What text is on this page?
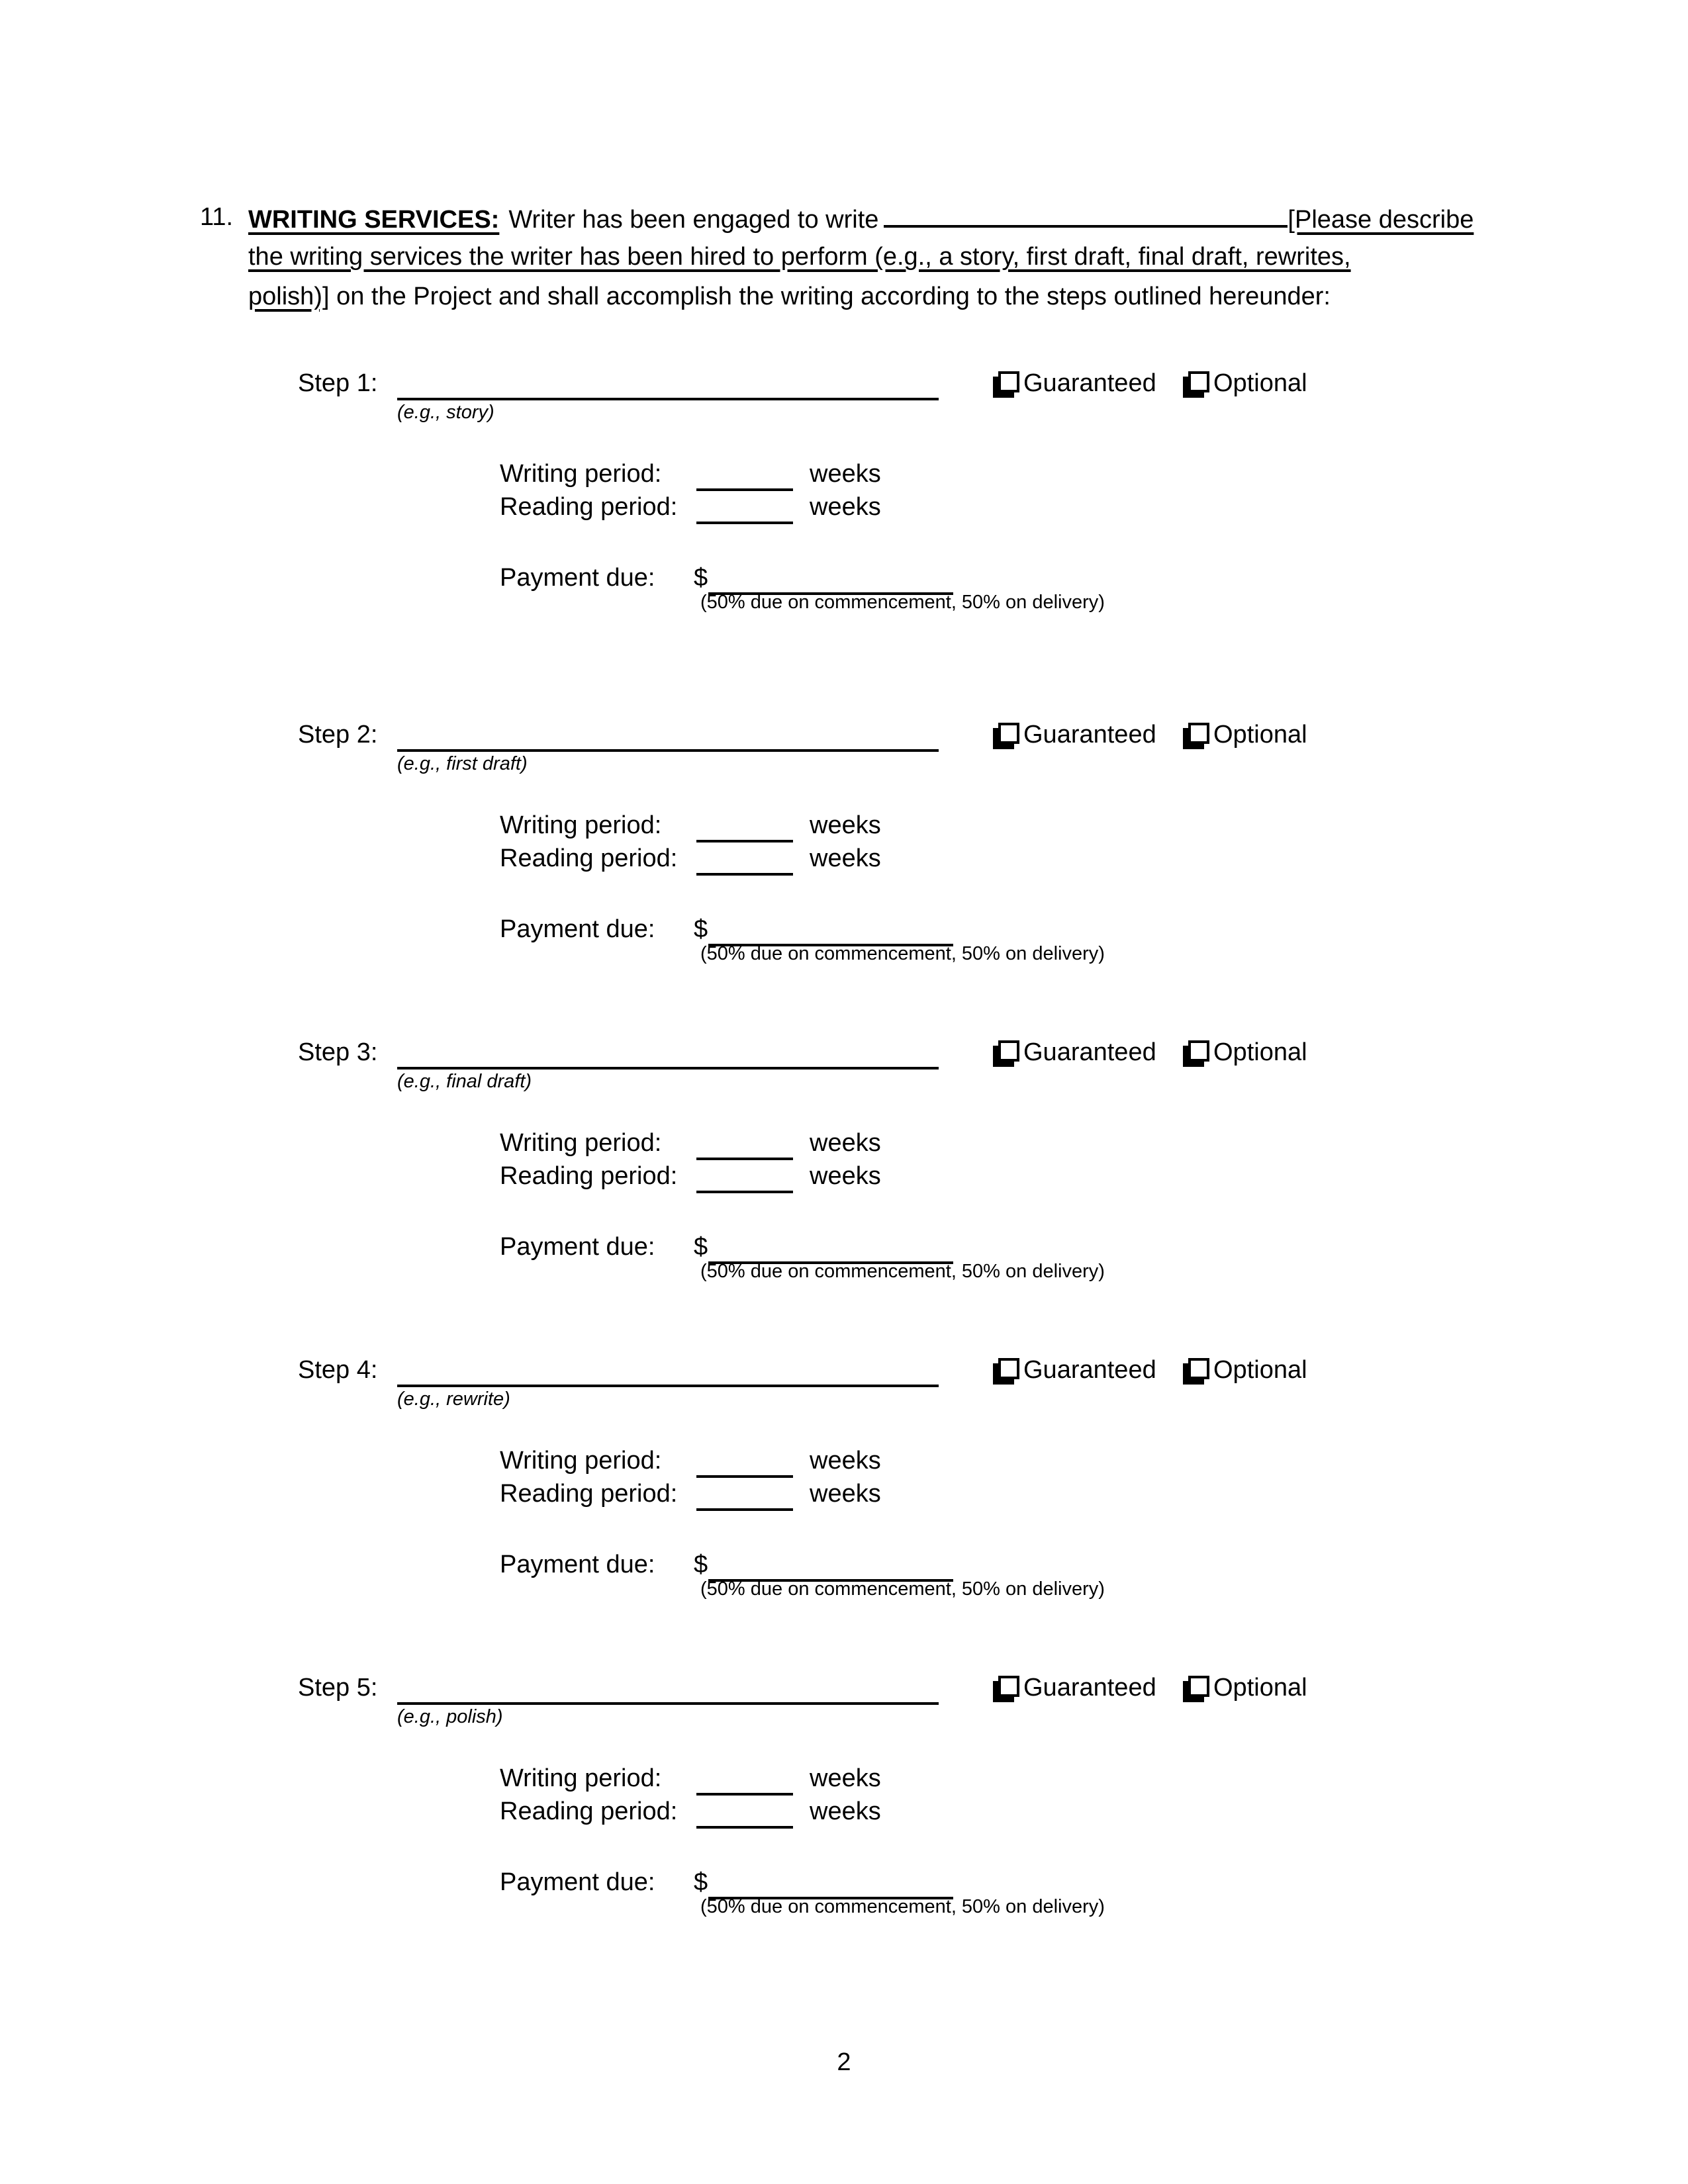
11. WRITING SERVICES: Writer has been engaged to write	[Please describe
the writing services the writer has been hired to perform (e.g., a story, first draft, final draft, rewrites,
polish)] on the Project and shall accomplish the writing according to the steps outlined hereunder:
Step 1:	Guaranteed Optional
(e.g., story)
Writing period:	weeks
Reading period:	weeks
Payment due: $
(50% due on commencement, 50% on delivery)
Step 2:	Guaranteed Optional
(e.g., first draft)
Writing period:	weeks
Reading period:	weeks
Payment due: $
(50% due on commencement, 50% on delivery)
Step 3:	Guaranteed Optional
(e.g., final draft)
Writing period:	weeks
Reading period:	weeks
Payment due: $
(50% due on commencement, 50% on delivery)
Step 4:	Guaranteed Optional
(e.g., rewrite)
Writing period:	weeks
Reading period:	weeks
Payment due: $
(50% due on commencement, 50% on delivery)
Step 5:	Guaranteed Optional
(e.g., polish)
Writing period:	weeks
Reading period:	weeks
Payment due: $
(50% due on commencement, 50% on delivery)
2
